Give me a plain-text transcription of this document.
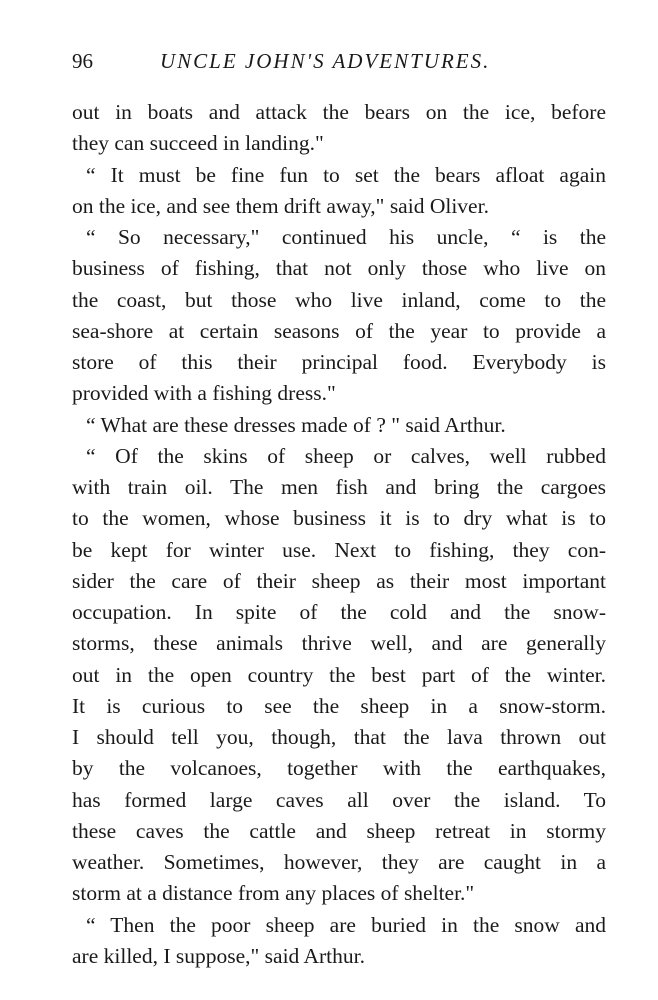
96	UNCLE JOHN'S ADVENTURES.
out in boats and attack the bears on the ice, before
they can succeed in landing."
“ It must be fine fun to set the bears afloat again
on the ice, and see them drift away," said Oliver.
“ So necessary," continued his uncle, “ is the
business of fishing, that not only those who live on
the coast, but those who live inland, come to the
sea-shore at certain seasons of the year to provide a
store of this their principal food. Everybody is
provided with a fishing dress."
“ What are these dresses made of ? " said Arthur.
“ Of the skins of sheep or calves, well rubbed
with train oil. The men fish and bring the cargoes
to the women, whose business it is to dry what is to
be kept for winter use. Next to fishing, they con-
sider the care of their sheep as their most important
occupation. In spite of the cold and the snow-
storms, these animals thrive well, and are generally
out in the open country the best part of the winter.
It is curious to see the sheep in a snow-storm.
I should tell you, though, that the lava thrown out
by the volcanoes, together with the earthquakes,
has formed large caves all over the island. To
these caves the cattle and sheep retreat in stormy
weather. Sometimes, however, they are caught in a
storm at a distance from any places of shelter."
“ Then the poor sheep are buried in the snow and
are killed, I suppose," said Arthur.
